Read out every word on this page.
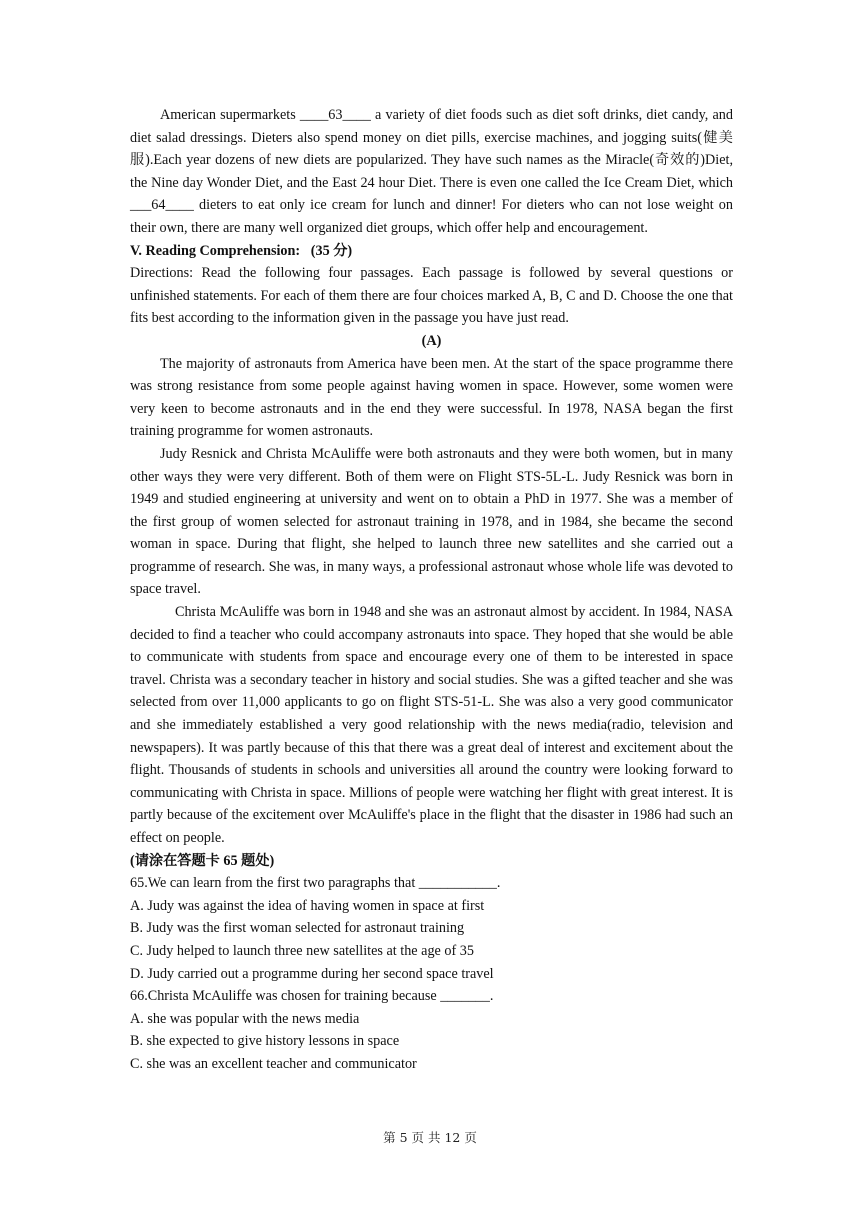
American supermarkets ____63____ a variety of diet foods such as diet soft drinks, diet candy, and diet salad dressings. Dieters also spend money on diet pills, exercise machines, and jogging suits(健美服).Each year dozens of new diets are popularized. They have such names as the Miracle(奇效的)Diet, the Nine day Wonder Diet, and the East 24 hour Diet. There is even one called the Ice Cream Diet, which ___64____ dieters to eat only ice cream for lunch and dinner! For dieters who can not lose weight on their own, there are many well organized diet groups, which offer help and encouragement.

V. Reading Comprehension:   (35 分)

Directions: Read the following four passages. Each passage is followed by several questions or unfinished statements. For each of them there are four choices marked A, B, C and D. Choose the one that fits best according to the information given in the passage you have just read.

(A)

The majority of astronauts from America have been men. At the start of the space programme there was strong resistance from some people against having women in space. However, some women were very keen to become astronauts and in the end they were successful. In 1978, NASA began the first training programme for women astronauts.

Judy Resnick and Christa McAuliffe were both astronauts and they were both women, but in many other ways they were very different. Both of them were on Flight STS-5L-L. Judy Resnick was born in 1949 and studied engineering at university and went on to obtain a PhD in 1977. She was a member of the first group of women selected for astronaut training in 1978, and in 1984, she became the second woman in space. During that flight, she helped to launch three new satellites and she carried out a programme of research. She was, in many ways, a professional astronaut whose whole life was devoted to space travel.

Christa McAuliffe was born in 1948 and she was an astronaut almost by accident. In 1984, NASA decided to find a teacher who could accompany astronauts into space. They hoped that she would be able to communicate with students from space and encourage every one of them to be interested in space travel. Christa was a secondary teacher in history and social studies. She was a gifted teacher and she was selected from over 11,000 applicants to go on flight STS-51-L. She was also a very good communicator and she immediately established a very good relationship with the news media(radio, television and newspapers). It was partly because of this that there was a great deal of interest and excitement about the flight. Thousands of students in schools and universities all around the country were looking forward to communicating with Christa in space. Millions of people were watching her flight with great interest. It is partly because of the excitement over McAuliffe's place in the flight that the disaster in 1986 had such an effect on people.

(请涂在答题卡 65 题处)

65.We can learn from the first two paragraphs that ___________.

A. Judy was against the idea of having women in space at first

B. Judy was the first woman selected for astronaut training

C. Judy helped to launch three new satellites at the age of 35

D. Judy carried out a programme during her second space travel

66.Christa McAuliffe was chosen for training because _______.

A. she was popular with the news media

B. she expected to give history lessons in space

C. she was an excellent teacher and communicator

第 5 页 共 12 页
